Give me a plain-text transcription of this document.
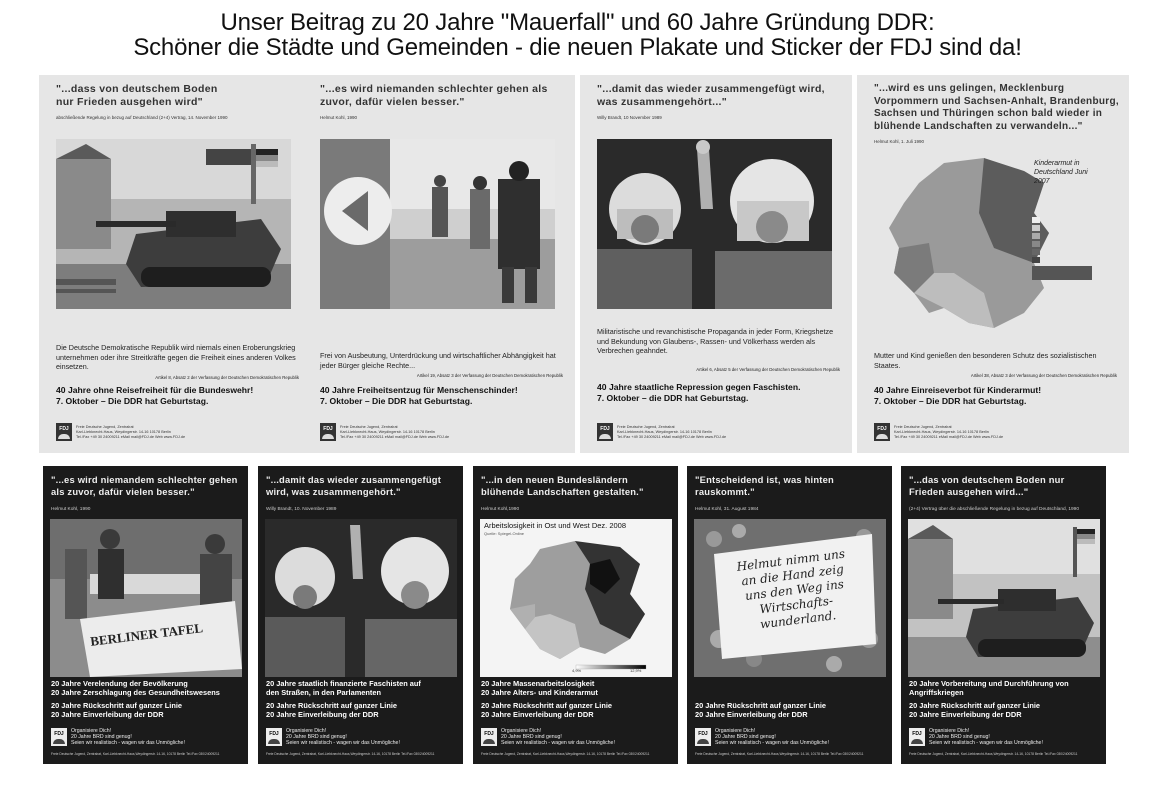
Unser Beitrag zu 20 Jahre "Mauerfall" und 60 Jahre Gründung DDR:
Schöner die Städte und Gemeinden - die neuen Plakate und Sticker der FDJ sind da!
"...dass von deutschem Boden nur Frieden ausgehen wird"
abschließende Regelung in bezug auf Deutschland (2+4) Vertrag, 14. November 1990
Die Deutsche Demokratische Republik wird niemals einen Eroberungskrieg unternehmen oder ihre Streitkräfte gegen die Freiheit eines anderen Volkes einsetzen.
Artikel 8, Absatz 2 der Verfassung der Deutschen Demokratischen Republik
40 Jahre ohne Reisefreiheit für die Bundeswehr!
7. Oktober – Die DDR hat Geburtstag.
FDJ	Freie Deutsche Jugend, Zentralrat
Karl-Liebknecht-Haus, Weydingerstr. 14-16 10178 Berlin
Tel./Fax +49 30 24009211 eMail mail@FDJ.de Web www.FDJ.de
"...es wird niemanden schlechter gehen als zuvor, dafür vielen besser."
Helmut Kohl, 1990
Frei von Ausbeutung, Unterdrückung und wirtschaftlicher Abhängigkeit hat jeder Bürger gleiche Rechte...
Artikel 19, Absatz 3 der Verfassung der Deutschen Demokratischen Republik
40 Jahre Freiheitsentzug für Menschenschinder!
7. Oktober – Die DDR hat Geburtstag.
FDJ	Freie Deutsche Jugend, Zentralrat
Karl-Liebknecht-Haus, Weydingerstr. 14-16 10178 Berlin
Tel./Fax +49 30 24009211 eMail mail@FDJ.de Web www.FDJ.de
"...damit das wieder zusammengefügt wird, was zusammengehört..."
Willy Brandt, 10 November 1989
Militaristische und revanchistische Propaganda in jeder Form, Kriegshetze und Bekundung von Glaubens-, Rassen- und Völkerhass werden als Verbrechen geahndet.
Artikel 6, Absatz 5 der Verfassung der Deutschen Demokratischen Republik
40 Jahre staatliche Repression gegen Faschisten.
7. Oktober – die DDR hat Geburtstag.
FDJ	Freie Deutsche Jugend, Zentralrat
Karl-Liebknecht-Haus, Weydingerstr. 14-16 10178 Berlin
Tel./Fax +49 30 24009211 eMail mail@FDJ.de Web www.FDJ.de
"...wird es uns gelingen, Mecklenburg Vorpommern und Sachsen-Anhalt, Brandenburg, Sachsen und Thüringen schon bald wieder in blühende Landschaften zu verwandeln..."
Helmut Kohl, 1. Juli 1990
Kinderarmut in Deutschland Juni 2007
Mutter und Kind genießen den besonderen Schutz des sozialistischen Staates.
Artikel 38, Absatz 3 der Verfassung der Deutschen Demokratischen Republik
40 Jahre Einreiseverbot für Kinderarmut!
7. Oktober – Die DDR hat Geburtstag.
FDJ	Freie Deutsche Jugend, Zentralrat
Karl-Liebknecht-Haus, Weydingerstr. 14-16 10178 Berlin
Tel./Fax +49 30 24009211 eMail mail@FDJ.de Web www.FDJ.de
"...es wird niemandem schlechter gehen als zuvor, dafür vielen besser."
Helmut Kohl, 1990
BERLINER TAFEL
20 Jahre Verelendung der Bevölkerung
20 Jahre Zerschlagung des Gesundheitswesens
20 Jahre Rückschritt auf ganzer Linie
20 Jahre Einverleibung der DDR
FDJ	Organisiere Dich!
20 Jahre BRD sind genug!
Seien wir realistisch - wagen wir das Unmögliche!
Freie Deutsche Jugend, Zentralrat, Karl-Liebknecht-Haus,Weydingerstr. 14-16, 10178 Berlin Tel./Fax 030/24009211
"...damit das wieder zusammengefügt wird, was zusammengehört."
Willy Brandt, 10. November 1989
20 Jahre staatlich finanzierte Faschisten auf
den Straßen, in den Parlamenten
20 Jahre Rückschritt auf ganzer Linie
20 Jahre Einverleibung der DDR
FDJ	Organisiere Dich!
20 Jahre BRD sind genug!
Seien wir realistisch - wagen wir das Unmögliche!
Freie Deutsche Jugend, Zentralrat, Karl-Liebknecht-Haus,Weydingerstr. 14-16, 10178 Berlin Tel./Fax 030/24009211
"...in den neuen Bundesländern blühende Landschaften gestalten."
Helmut Kohl,1990
Arbeitslosigkeit in Ost und West Dez. 2008
Quelle: Spiegel-Online
4,9%	12,9%
20 Jahre Massenarbeitslosigkeit
20 Jahre Alters- und Kinderarmut
20 Jahre Rückschritt auf ganzer Linie
20 Jahre Einverleibung der DDR
FDJ	Organisiere Dich!
20 Jahre BRD sind genug!
Seien wir realistisch - wagen wir das Unmögliche!
Freie Deutsche Jugend, Zentralrat, Karl-Liebknecht-Haus,Weydingerstr. 14-16, 10178 Berlin Tel./Fax 030/24009211
"Entscheidend ist, was hinten rauskommt."
Helmut Kohl, 31. August 1984
Helmut nimm uns an die Hand zeig uns den Weg ins Wirtschafts-wunderland.
20 Jahre Rückschritt auf ganzer Linie
20 Jahre Einverleibung der DDR
FDJ	Organisiere Dich!
20 Jahre BRD sind genug!
Seien wir realistisch - wagen wir das Unmögliche!
Freie Deutsche Jugend, Zentralrat, Karl-Liebknecht-Haus,Weydingerstr. 14-16, 10178 Berlin Tel./Fax 030/24009211
"...das von deutschem Boden nur Frieden ausgehen wird..."
(2+4) Vertrag über die abschließende Regelung in bezug auf Deutschland, 1990
20 Jahre Vorbereitung und Durchführung von
Angriffskriegen
20 Jahre Rückschritt auf ganzer Linie
20 Jahre Einverleibung der DDR
FDJ	Organisiere Dich!
20 Jahre BRD sind genug!
Seien wir realistisch - wagen wir das Unmögliche!
Freie Deutsche Jugend, Zentralrat, Karl-Liebknecht-Haus,Weydingerstr. 14-16, 10178 Berlin Tel./Fax 030/24009211
